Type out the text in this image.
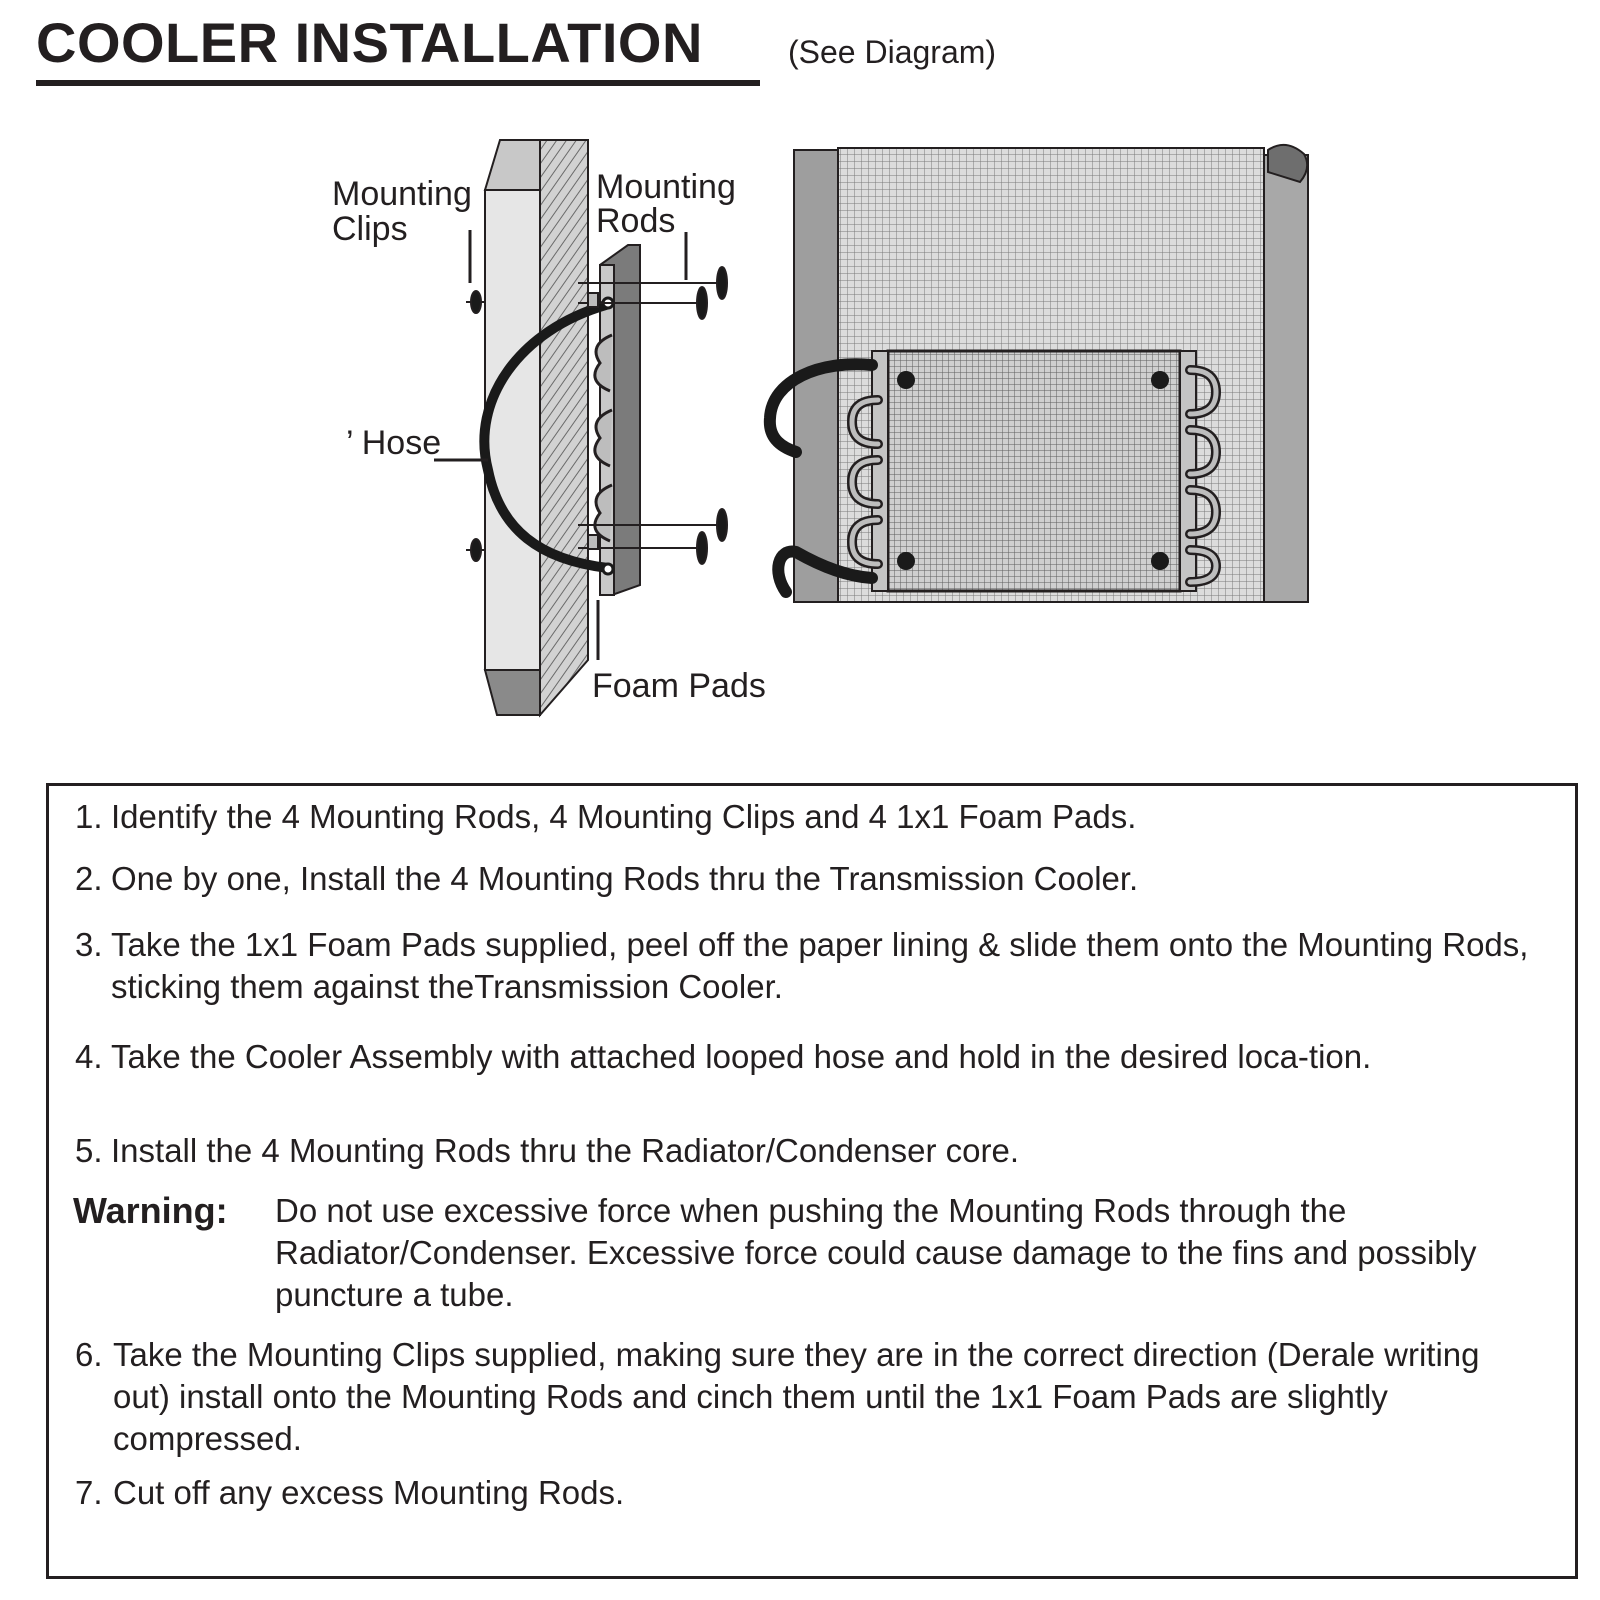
COOLER INSTALLATION	(See Diagram)
Mounting
Clips
Mounting
Rods
’ Hose
Foam Pads
1. Identify the 4 Mounting Rods, 4 Mounting Clips and 4 1x1 Foam Pads.
2. One by one, Install the 4 Mounting Rods thru the Transmission Cooler.
3. Take the 1x1 Foam Pads supplied, peel off the paper lining & slide them onto the Mounting Rods, sticking them against theTransmission Cooler.
4. Take the Cooler Assembly with attached looped hose and hold in the desired loca-tion.
5. Install the 4 Mounting Rods thru the Radiator/Condenser core.
Warning: Do not use excessive force when pushing the Mounting Rods through the Radiator/Condenser. Excessive force could cause damage to the fins and possibly puncture a tube.
6. Take the Mounting Clips supplied, making sure they are in the correct direction (Derale writing out) install onto the Mounting Rods and cinch them until the 1x1 Foam Pads are slightly compressed.
7. Cut off any excess Mounting Rods.
